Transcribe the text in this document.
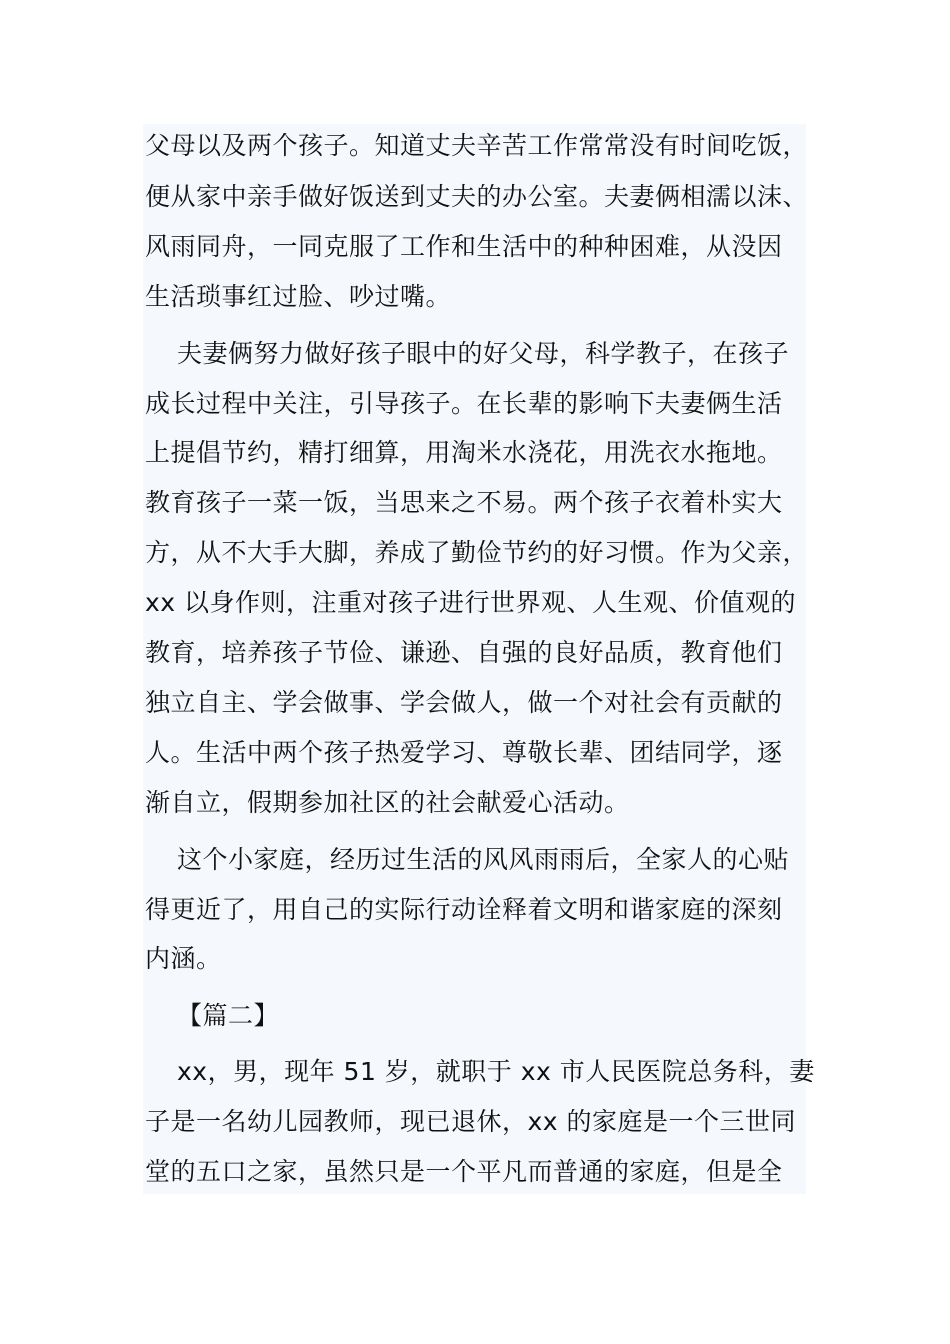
父母以及两个孩子。知道丈夫辛苦工作常常没有时间吃饭，
便从家中亲手做好饭送到丈夫的办公室。夫妻俩相濡以沫、
风雨同舟，一同克服了工作和生活中的种种困难，从没因
生活琐事红过脸、吵过嘴。
夫妻俩努力做好孩子眼中的好父母，科学教子，在孩子
成长过程中关注，引导孩子。在长辈的影响下夫妻俩生活
上提倡节约，精打细算，用淘米水浇花，用洗衣水拖地。
教育孩子一菜一饭，当思来之不易。两个孩子衣着朴实大
方，从不大手大脚，养成了勤俭节约的好习惯。作为父亲，
xx 以身作则，注重对孩子进行世界观、人生观、价值观的
教育，培养孩子节俭、谦逊、自强的良好品质，教育他们
独立自主、学会做事、学会做人，做一个对社会有贡献的
人。生活中两个孩子热爱学习、尊敬长辈、团结同学，逐
渐自立，假期参加社区的社会献爱心活动。
这个小家庭，经历过生活的风风雨雨后，全家人的心贴
得更近了，用自己的实际行动诠释着文明和谐家庭的深刻
内涵。
【篇二】
xx，男，现年 51 岁，就职于 xx 市人民医院总务科，妻
子是一名幼儿园教师，现已退休，xx 的家庭是一个三世同
堂的五口之家，虽然只是一个平凡而普通的家庭，但是全
